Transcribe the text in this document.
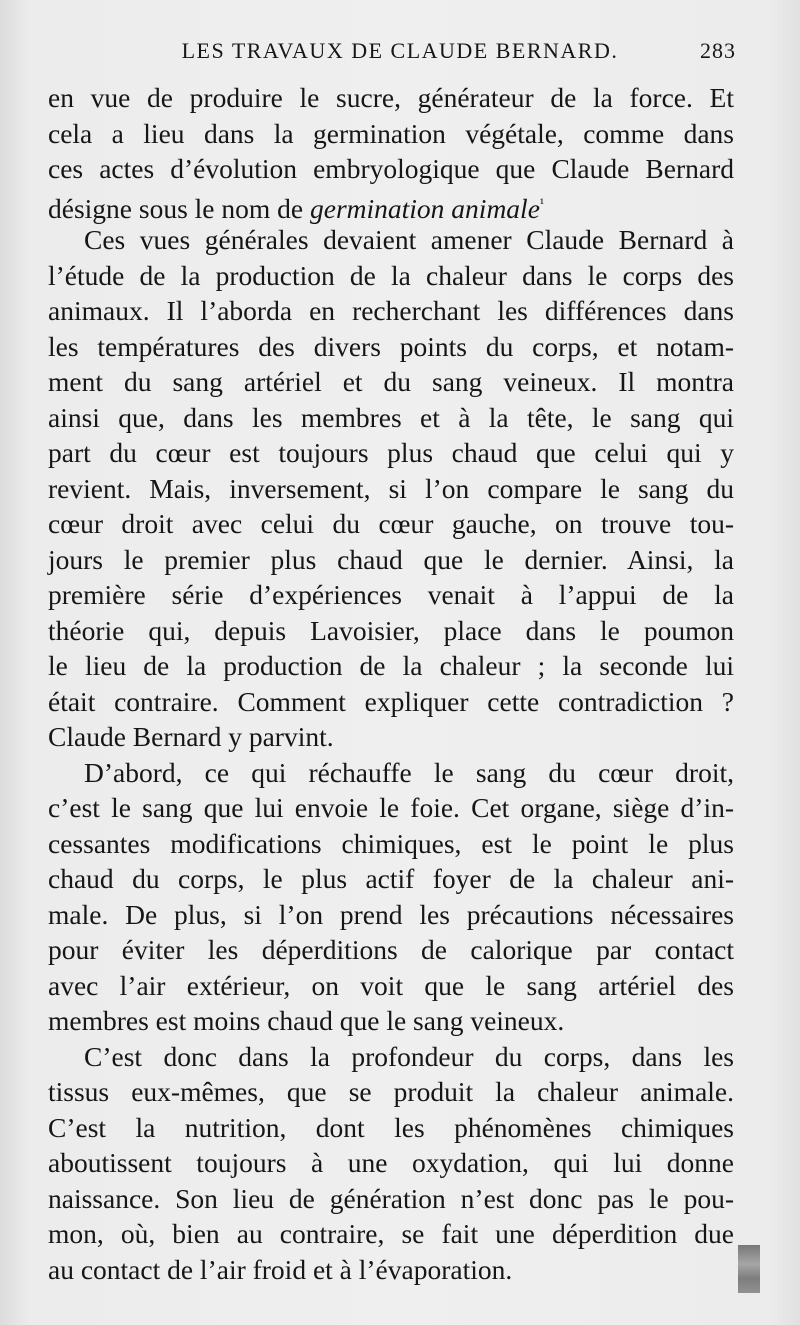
LES TRAVAUX DE CLAUDE BERNARD.	283
en vue de produire le sucre, générateur de la force. Et
cela a lieu dans la germination végétale, comme dans
ces actes d’évolution embryologique que Claude Bernard
désigne sous le nom de germination animale$^{^1}$
Ces vues générales devaient amener Claude Bernard à
l’étude de la production de la chaleur dans le corps des
animaux. Il l’aborda en recherchant les différences dans
les températures des divers points du corps, et notam-
ment du sang artériel et du sang veineux. Il montra
ainsi que, dans les membres et à la tête, le sang qui
part du cœur est toujours plus chaud que celui qui y
revient. Mais, inversement, si l’on compare le sang du
cœur droit avec celui du cœur gauche, on trouve tou-
jours le premier plus chaud que le dernier. Ainsi, la
première série d’expériences venait à l’appui de la
théorie qui, depuis Lavoisier, place dans le poumon
le lieu de la production de la chaleur ; la seconde lui
était contraire. Comment expliquer cette contradiction ?
Claude Bernard y parvint.
D’abord, ce qui réchauffe le sang du cœur droit,
c’est le sang que lui envoie le foie. Cet organe, siège d’in-
cessantes modifications chimiques, est le point le plus
chaud du corps, le plus actif foyer de la chaleur ani-
male. De plus, si l’on prend les précautions nécessaires
pour éviter les déperditions de calorique par contact
avec l’air extérieur, on voit que le sang artériel des
membres est moins chaud que le sang veineux.
C’est donc dans la profondeur du corps, dans les
tissus eux-mêmes, que se produit la chaleur animale.
C’est la nutrition, dont les phénomènes chimiques
aboutissent toujours à une oxydation, qui lui donne
naissance. Son lieu de génération n’est donc pas le pou-
mon, où, bien au contraire, se fait une déperdition due
au contact de l’air froid et à l’évaporation.
